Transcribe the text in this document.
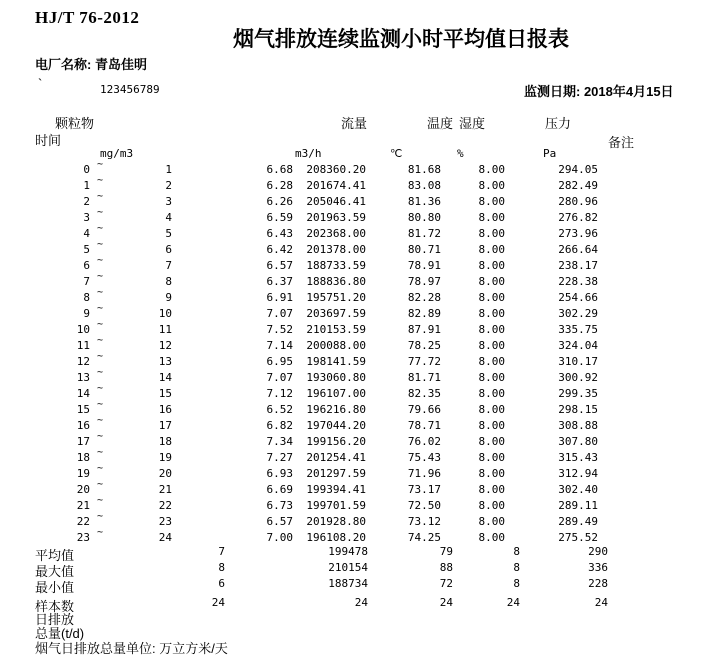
HJ/T 76-2012
烟气排放连续监测小时平均值日报表
电厂名称: 青岛佳明
`	123456789	监测日期: 2018年4月15日
颗粒物
时间
流量	温度 湿度	压力
备注
mg/m3	m3/h	℃	%	Pa
0 ~	1	6.68	208360.20	81.68	8.00	294.05
1 ~	2	6.28	201674.41	83.08	8.00	282.49
2 ~	3	6.26	205046.41	81.36	8.00	280.96
3 ~	4	6.59	201963.59	80.80	8.00	276.82
4 ~	5	6.43	202368.00	81.72	8.00	273.96
5 ~	6	6.42	201378.00	80.71	8.00	266.64
6 ~	7	6.57	188733.59	78.91	8.00	238.17
7 ~	8	6.37	188836.80	78.97	8.00	228.38
8 ~	9	6.91	195751.20	82.28	8.00	254.66
9 ~	10	7.07	203697.59	82.89	8.00	302.29
10 ~	11	7.52	210153.59	87.91	8.00	335.75
11 ~	12	7.14	200088.00	78.25	8.00	324.04
12 ~	13	6.95	198141.59	77.72	8.00	310.17
13 ~	14	7.07	193060.80	81.71	8.00	300.92
14 ~	15	7.12	196107.00	82.35	8.00	299.35
15 ~	16	6.52	196216.80	79.66	8.00	298.15
16 ~	17	6.82	197044.20	78.71	8.00	308.88
17 ~	18	7.34	199156.20	76.02	8.00	307.80
18 ~	19	7.27	201254.41	75.43	8.00	315.43
19 ~	20	6.93	201297.59	71.96	8.00	312.94
20 ~	21	6.69	199394.41	73.17	8.00	302.40
21 ~	22	6.73	199701.59	72.50	8.00	289.11
22 ~	23	6.57	201928.80	73.12	8.00	289.49
23 ~	24	7.00	196108.20	74.25	8.00	275.52
平均值	7	199478	79	8	290
最大值	8	210154	88	8	336
最小值	6	188734	72	8	228
样本数	24	24	24	24	24
日排放
总量(t/d)
烟气日排放总量单位: 万立方米/天
